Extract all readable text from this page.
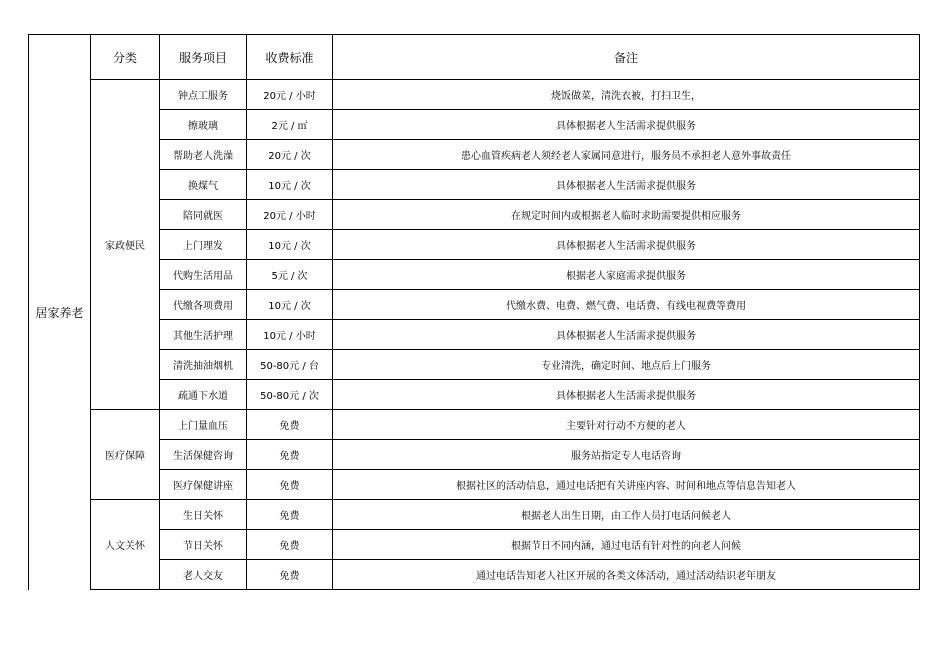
居家养老	分类	服务项目	收费标准	备注
	家政便民	钟点工服务	20元 / 小时	烧饭做菜，清洗衣被，打扫卫生，
		擦玻璃	2元 / ㎡	具体根据老人生活需求提供服务
		帮助老人洗澡	20元 / 次	患心血管疾病老人须经老人家属同意进行，服务员不承担老人意外事故责任
		换煤气	10元 / 次	具体根据老人生活需求提供服务
		陪同就医	20元 / 小时	在规定时间内或根据老人临时求助需要提供相应服务
		上门理发	10元 / 次	具体根据老人生活需求提供服务
		代购生活用品	5元 / 次	根据老人家庭需求提供服务
		代缴各项费用	10元 / 次	代缴水费、电费、燃气费、电话费、有线电视费等费用
		其他生活护理	10元 / 小时	具体根据老人生活需求提供服务
		清洗抽油烟机	50-80元 / 台	专业清洗，确定时间、地点后上门服务
		疏通下水道	50-80元 / 次	具体根据老人生活需求提供服务
	医疗保障	上门量血压	免费	主要针对行动不方便的老人
		生活保健咨询	免费	服务站指定专人电话咨询
		医疗保健讲座	免费	根据社区的活动信息，通过电话把有关讲座内容、时间和地点等信息告知老人
	人文关怀	生日关怀	免费	根据老人出生日期，由工作人员打电话问候老人
		节日关怀	免费	根据节日不同内涵，通过电话有针对性的向老人问候
		老人交友	免费	通过电话告知老人社区开展的各类文体活动，通过活动结识老年朋友
